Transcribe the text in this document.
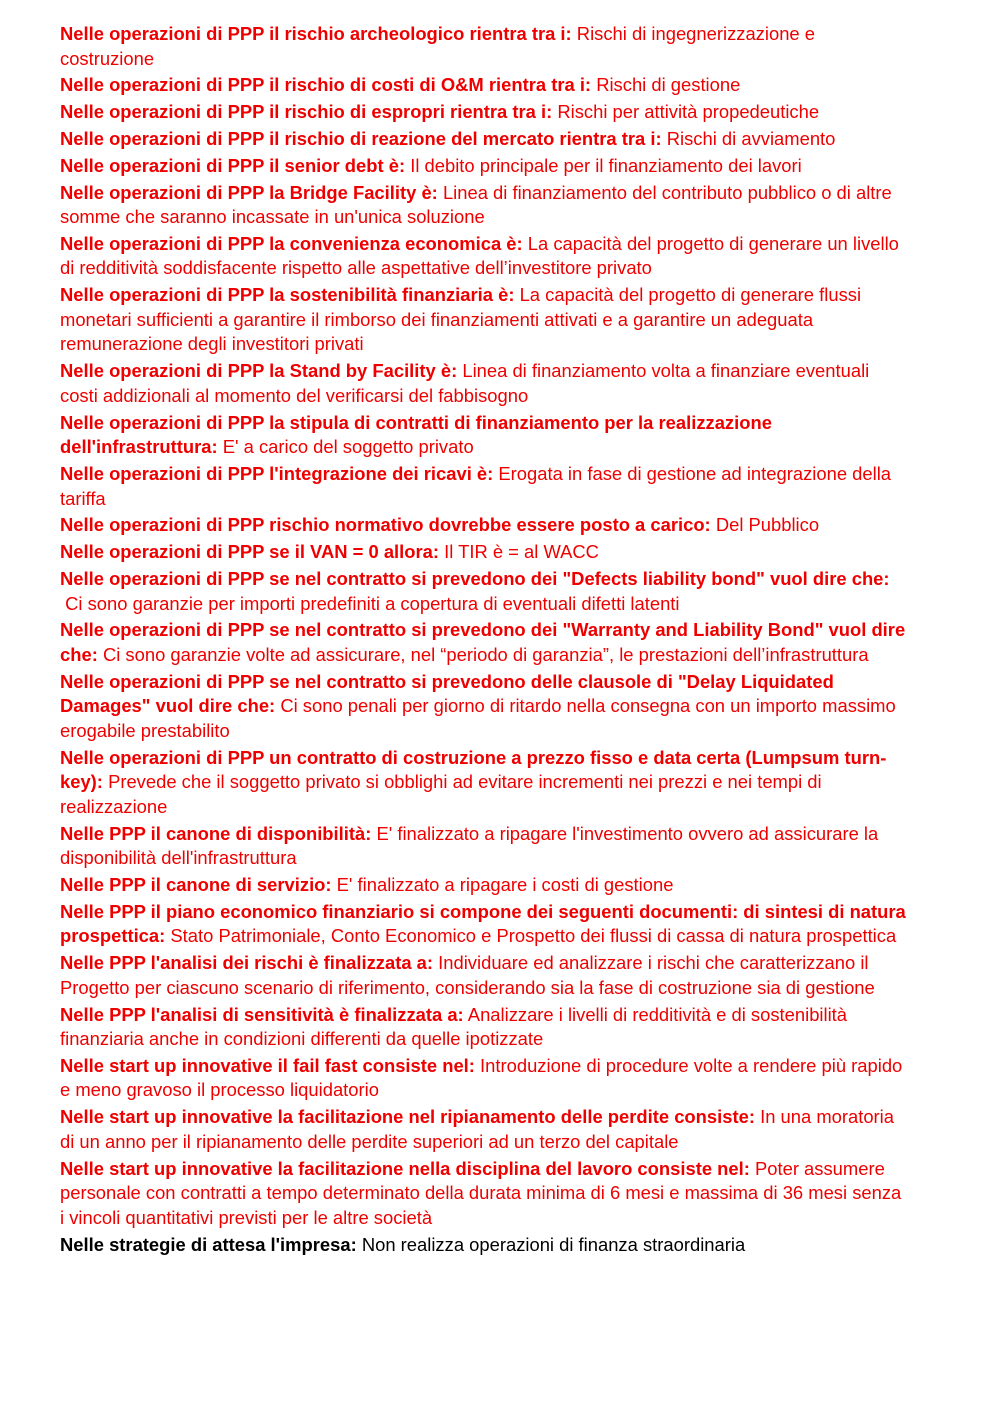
Nelle operazioni di PPP il rischio archeologico rientra tra i: Rischi di ingegnerizzazione e costruzione
Nelle operazioni di PPP il rischio di costi di O&M rientra tra i: Rischi di gestione
Nelle operazioni di PPP il rischio di espropri rientra tra i: Rischi per attività propedeutiche
Nelle operazioni di PPP il rischio di reazione del mercato rientra tra i: Rischi di avviamento
Nelle operazioni di PPP il senior debt è: Il debito principale per il finanziamento dei lavori
Nelle operazioni di PPP la Bridge Facility è: Linea di finanziamento del contributo pubblico o di altre somme che saranno incassate in un'unica soluzione
Nelle operazioni di PPP la convenienza economica è: La capacità del progetto di generare un livello di redditività soddisfacente rispetto alle aspettative dell’investitore privato
Nelle operazioni di PPP la sostenibilità finanziaria è: La capacità del progetto di generare flussi monetari sufficienti a garantire il rimborso dei finanziamenti attivati e a garantire un adeguata remunerazione degli investitori privati
Nelle operazioni di PPP la Stand by Facility è: Linea di finanziamento volta a finanziare eventuali costi addizionali al momento del verificarsi del fabbisogno
Nelle operazioni di PPP la stipula di contratti di finanziamento per la realizzazione dell'infrastruttura: E' a carico del soggetto privato
Nelle operazioni di PPP l'integrazione dei ricavi è: Erogata in fase di gestione ad integrazione della tariffa
Nelle operazioni di PPP rischio normativo dovrebbe essere posto a carico: Del Pubblico
Nelle operazioni di PPP se il VAN = 0 allora: Il TIR è = al WACC
Nelle operazioni di PPP se nel contratto si prevedono dei "Defects liability bond" vuol dire che: Ci sono garanzie per importi predefiniti a copertura di eventuali difetti latenti
Nelle operazioni di PPP se nel contratto si prevedono dei "Warranty and Liability Bond" vuol dire che: Ci sono garanzie volte ad assicurare, nel “periodo di garanzia”, le prestazioni dell’infrastruttura
Nelle operazioni di PPP se nel contratto si prevedono delle clausole di "Delay Liquidated Damages" vuol dire che: Ci sono penali per giorno di ritardo nella consegna con un importo massimo erogabile prestabilito
Nelle operazioni di PPP un contratto di costruzione a prezzo fisso e data certa (Lumpsum turn-key): Prevede che il soggetto privato si obblighi ad evitare incrementi nei prezzi e nei tempi di realizzazione
Nelle PPP il canone di disponibilità: E' finalizzato a ripagare l'investimento ovvero ad assicurare la disponibilità dell'infrastruttura
Nelle PPP il canone di servizio: E' finalizzato a ripagare i costi di gestione
Nelle PPP il piano economico finanziario si compone dei seguenti documenti: di sintesi di natura prospettica: Stato Patrimoniale, Conto Economico e Prospetto dei flussi di cassa di natura prospettica
Nelle PPP l'analisi dei rischi è finalizzata a: Individuare ed analizzare i rischi che caratterizzano il Progetto per ciascuno scenario di riferimento, considerando sia la fase di costruzione sia di gestione
Nelle PPP l'analisi di sensitività è finalizzata a: Analizzare i livelli di redditività e di sostenibilità finanziaria anche in condizioni differenti da quelle ipotizzate
Nelle start up innovative il fail fast consiste nel: Introduzione di procedure volte a rendere più rapido e meno gravoso il processo liquidatorio
Nelle start up innovative la facilitazione nel ripianamento delle perdite consiste: In una moratoria di un anno per il ripianamento delle perdite superiori ad un terzo del capitale
Nelle start up innovative la facilitazione nella disciplina del lavoro consiste nel: Poter assumere personale con contratti a tempo determinato della durata minima di 6 mesi e massima di 36 mesi senza i vincoli quantitativi previsti per le altre società
Nelle strategie di attesa l'impresa: Non realizza operazioni di finanza straordinaria
